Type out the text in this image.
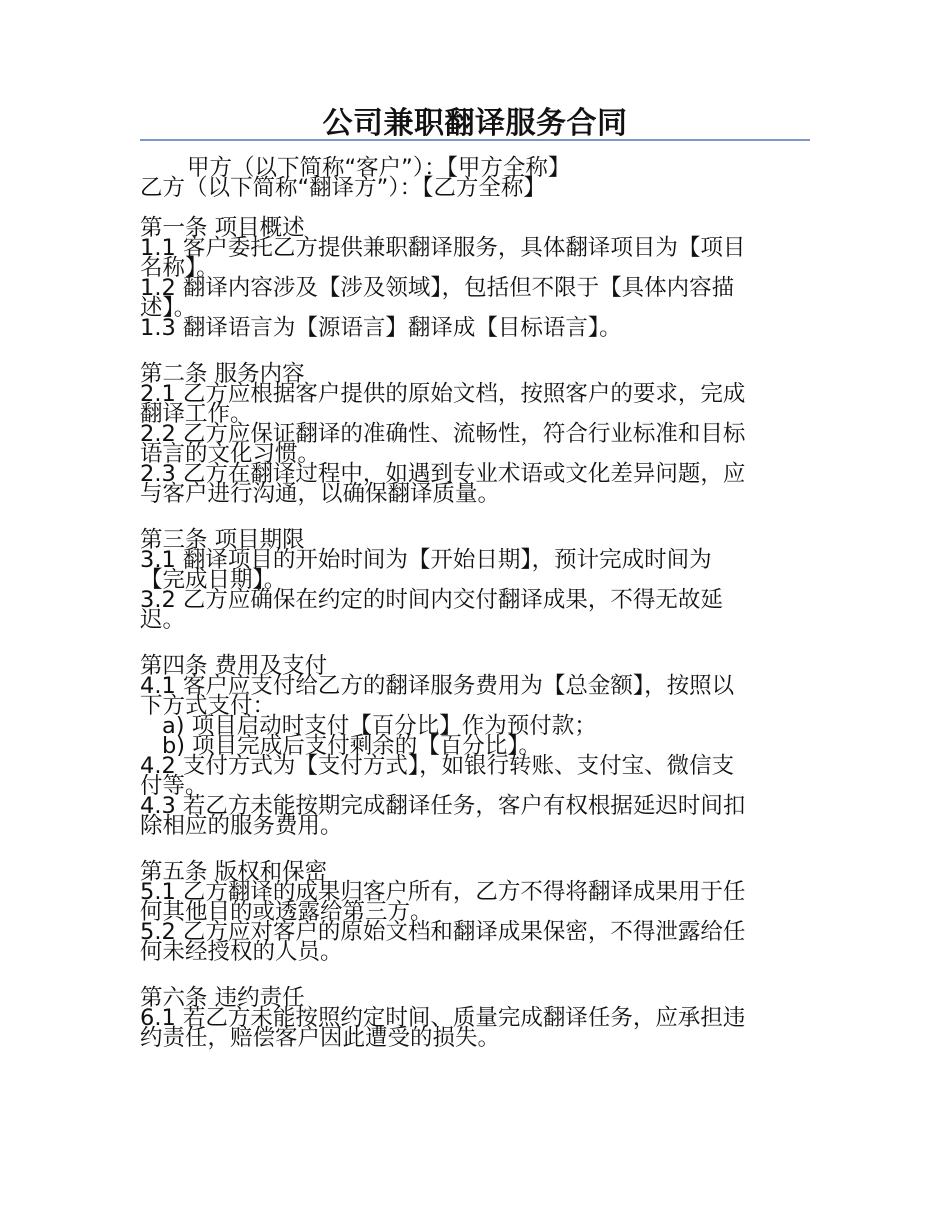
公司兼职翻译服务合同
甲方（以下简称“客户”）：【甲方全称】
乙方（以下简称“翻译方”）：【乙方全称】
第一条 项目概述
1.1 客户委托乙方提供兼职翻译服务，具体翻译项目为【项目
名称】。
1.2 翻译内容涉及【涉及领域】，包括但不限于【具体内容描
述】。
1.3 翻译语言为【源语言】翻译成【目标语言】。
第二条 服务内容
2.1 乙方应根据客户提供的原始文档，按照客户的要求，完成
翻译工作。
2.2 乙方应保证翻译的准确性、流畅性，符合行业标准和目标
语言的文化习惯。
2.3 乙方在翻译过程中，如遇到专业术语或文化差异问题，应
与客户进行沟通，以确保翻译质量。
第三条 项目期限
3.1 翻译项目的开始时间为【开始日期】，预计完成时间为
【完成日期】。
3.2 乙方应确保在约定的时间内交付翻译成果，不得无故延
迟。
第四条 费用及支付
4.1 客户应支付给乙方的翻译服务费用为【总金额】，按照以
下方式支付：
a) 项目启动时支付【百分比】作为预付款；
b) 项目完成后支付剩余的【百分比】。
4.2 支付方式为【支付方式】，如银行转账、支付宝、微信支
付等。
4.3 若乙方未能按期完成翻译任务，客户有权根据延迟时间扣
除相应的服务费用。
第五条 版权和保密
5.1 乙方翻译的成果归客户所有，乙方不得将翻译成果用于任
何其他目的或透露给第三方。
5.2 乙方应对客户的原始文档和翻译成果保密，不得泄露给任
何未经授权的人员。
第六条 违约责任
6.1 若乙方未能按照约定时间、质量完成翻译任务，应承担违
约责任，赔偿客户因此遭受的损失。
